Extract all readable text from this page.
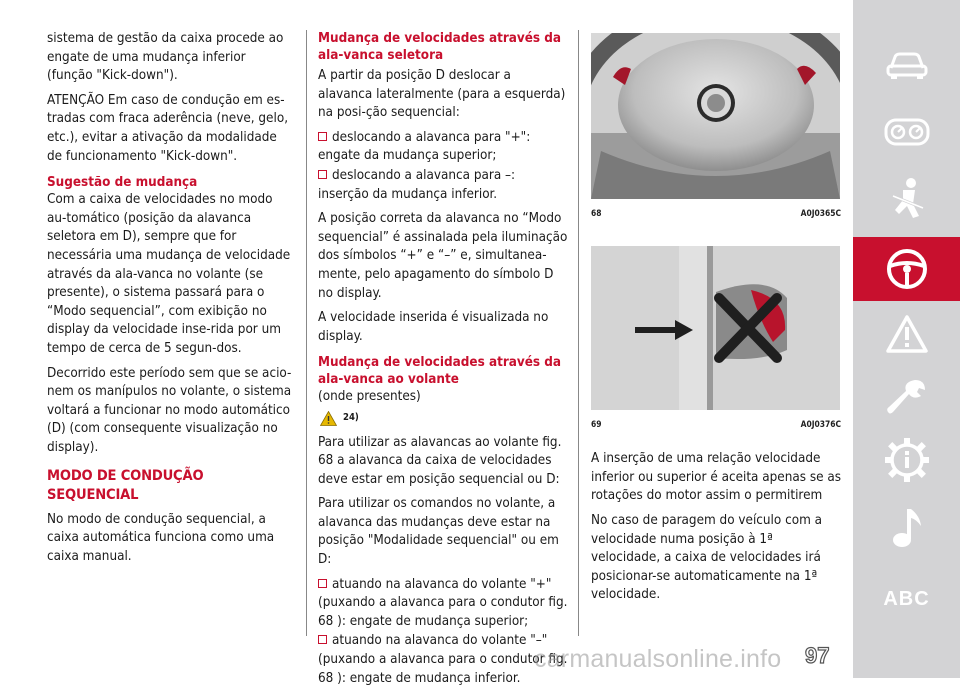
sistema de gestão da caixa procede ao engate de uma mudança inferior (função "Kick-down").

ATENÇÃO Em caso de condução em es-tradas com fraca aderência (neve, gelo, etc.), evitar a ativação da modalidade de funcionamento "Kick-down".

Sugestão de mudança

Com a caixa de velocidades no modo au-tomático (posição da alavanca seletora em D), sempre que for necessária uma mudança de velocidade através da ala-vanca no volante (se presente), o sistema passará para o “Modo sequencial”, com exibição no display da velocidade inse-rida por um tempo de cerca de 5 segun-dos.

Decorrido este período sem que se acio-nem os manípulos no volante, o sistema voltará a funcionar no modo automático (D) (com consequente visualização no display).

MODO DE CONDUÇÃO SEQUENCIAL

No modo de condução sequencial, a caixa automática funciona como uma caixa manual.

Mudança de velocidades através da ala-vanca seletora

A partir da posição D deslocar a alavanca lateralmente (para a esquerda) na posi-ção sequencial:

deslocando a alavanca para "+": engate da mudança superior;
deslocando a alavanca para –: inserção da mudança inferior.

A posição correta da alavanca no “Modo sequencial” é assinalada pela iluminação dos símbolos “+” e “–” e, simultanea-mente, pelo apagamento do símbolo D no display.

A velocidade inserida é visualizada no display.

Mudança de velocidades através da ala-vanca ao volante

(onde presentes)

24)

Para utilizar as alavancas ao volante fig. 68 a alavanca da caixa de velocidades deve estar em posição sequencial ou D:

Para utilizar os comandos no volante, a alavanca das mudanças deve estar na posição "Modalidade sequencial" ou em D:

atuando na alavanca do volante "+" (puxando a alavanca para o condutor fig. 68 ): engate de mudança superior;
atuando na alavanca do volante "–" (puxando a alavanca para o condutor fig. 68 ): engate de mudança inferior.
68	A0J0365C
69	A0J0376C

A inserção de uma relação velocidade inferior ou superior é aceita apenas se as rotações do motor assim o permitirem

No caso de paragem do veículo com a velocidade numa posição à 1ª velocidade, a caixa de velocidades irá posicionar-se automaticamente na 1ª velocidade.	ABC
carmanualsonline.info 97
